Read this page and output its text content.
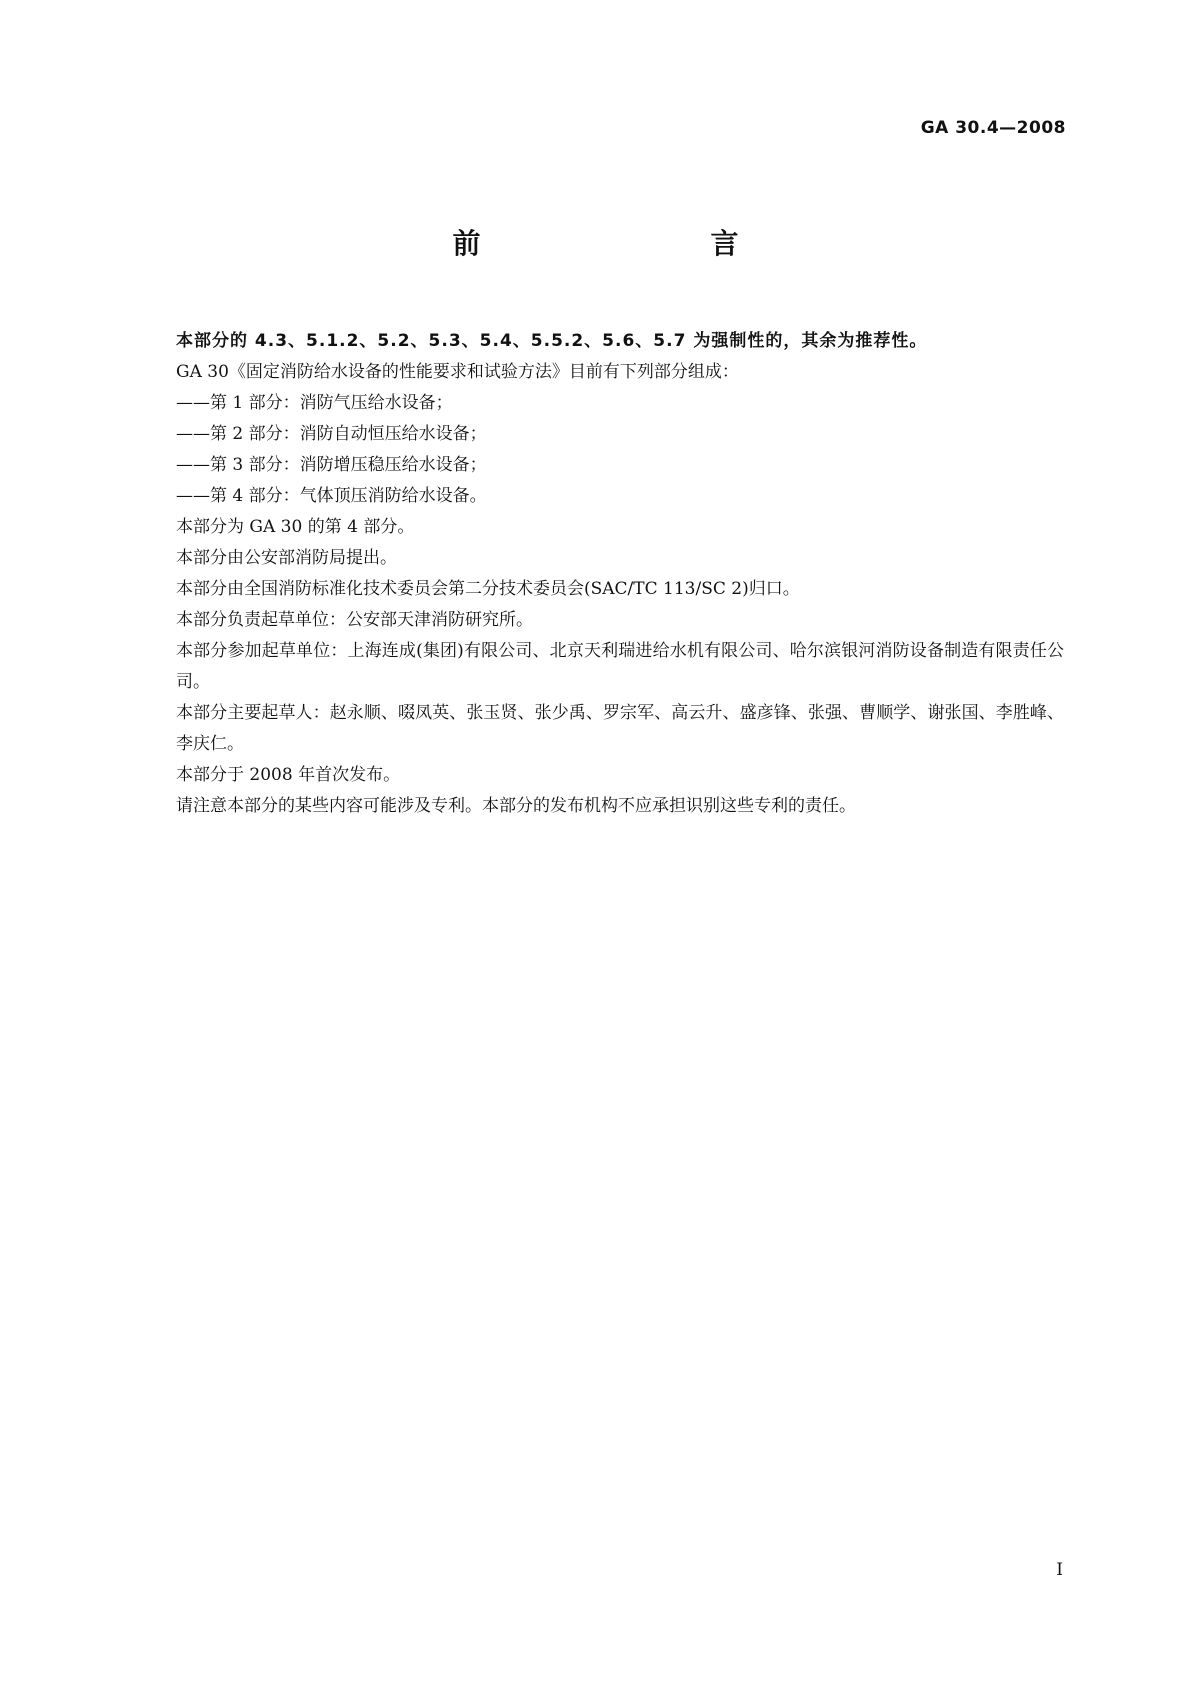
GA 30.4—2008

前　　言

本部分的 4.3、5.1.2、5.2、5.3、5.4、5.5.2、5.6、5.7 为强制性的，其余为推荐性。

GA 30《固定消防给水设备的性能要求和试验方法》目前有下列部分组成：

——第 1 部分：消防气压给水设备；

——第 2 部分：消防自动恒压给水设备；

——第 3 部分：消防增压稳压给水设备；

——第 4 部分：气体顶压消防给水设备。

本部分为 GA 30 的第 4 部分。

本部分由公安部消防局提出。

本部分由全国消防标准化技术委员会第二分技术委员会(SAC/TC 113/SC 2)归口。

本部分负责起草单位：公安部天津消防研究所。

本部分参加起草单位：上海连成(集团)有限公司、北京天利瑞进给水机有限公司、哈尔滨银河消防设备制造有限责任公司。

本部分主要起草人：赵永顺、啜凤英、张玉贤、张少禹、罗宗军、高云升、盛彦锋、张强、曹顺学、谢张国、李胜峰、李庆仁。

本部分于 2008 年首次发布。

请注意本部分的某些内容可能涉及专利。本部分的发布机构不应承担识别这些专利的责任。

I
